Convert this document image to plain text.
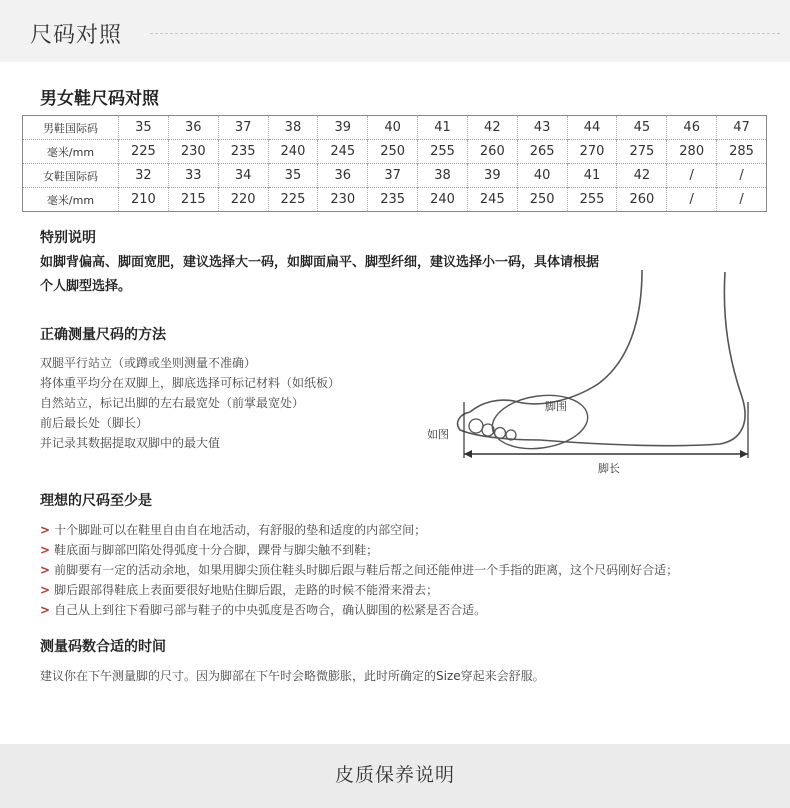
尺码对照
男女鞋尺码对照
男鞋国际码	35	36	37	38	39	40	41	42	43	44	45	46	47
毫米/mm	225	230	235	240	245	250	255	260	265	270	275	280	285
女鞋国际码	32	33	34	35	36	37	38	39	40	41	42	/	/
毫米/mm	210	215	220	225	230	235	240	245	250	255	260	/	/
特别说明
如脚背偏高、脚面宽肥，建议选择大一码，如脚面扁平、脚型纤细，建议选择小一码，具体请根据个人脚型选择。
正确测量尺码的方法
双腿平行站立（或蹲或坐则测量不准确）
将体重平均分在双脚上，脚底选择可标记材料（如纸板）
自然站立，标记出脚的左右最宽处（前掌最宽处）
前后最长处（脚长）
并记录其数据提取双脚中的最大值
脚围
如图
脚长
理想的尺码至少是
> 十个脚趾可以在鞋里自由自在地活动，有舒服的垫和适度的内部空间；
> 鞋底面与脚部凹陷处得弧度十分合脚，踝骨与脚尖触不到鞋；
> 前脚要有一定的活动余地，如果用脚尖顶住鞋头时脚后跟与鞋后帮之间还能伸进一个手指的距离，这个尺码刚好合适；
> 脚后跟部得鞋底上表面要很好地贴住脚后跟，走路的时候不能滑来滑去；
> 自己从上到往下看脚弓部与鞋子的中央弧度是否吻合，确认脚围的松紧是否合适。
测量码数合适的时间
建议你在下午测量脚的尺寸。因为脚部在下午时会略微膨胀，此时所确定的Size穿起来会舒服。
皮质保养说明
